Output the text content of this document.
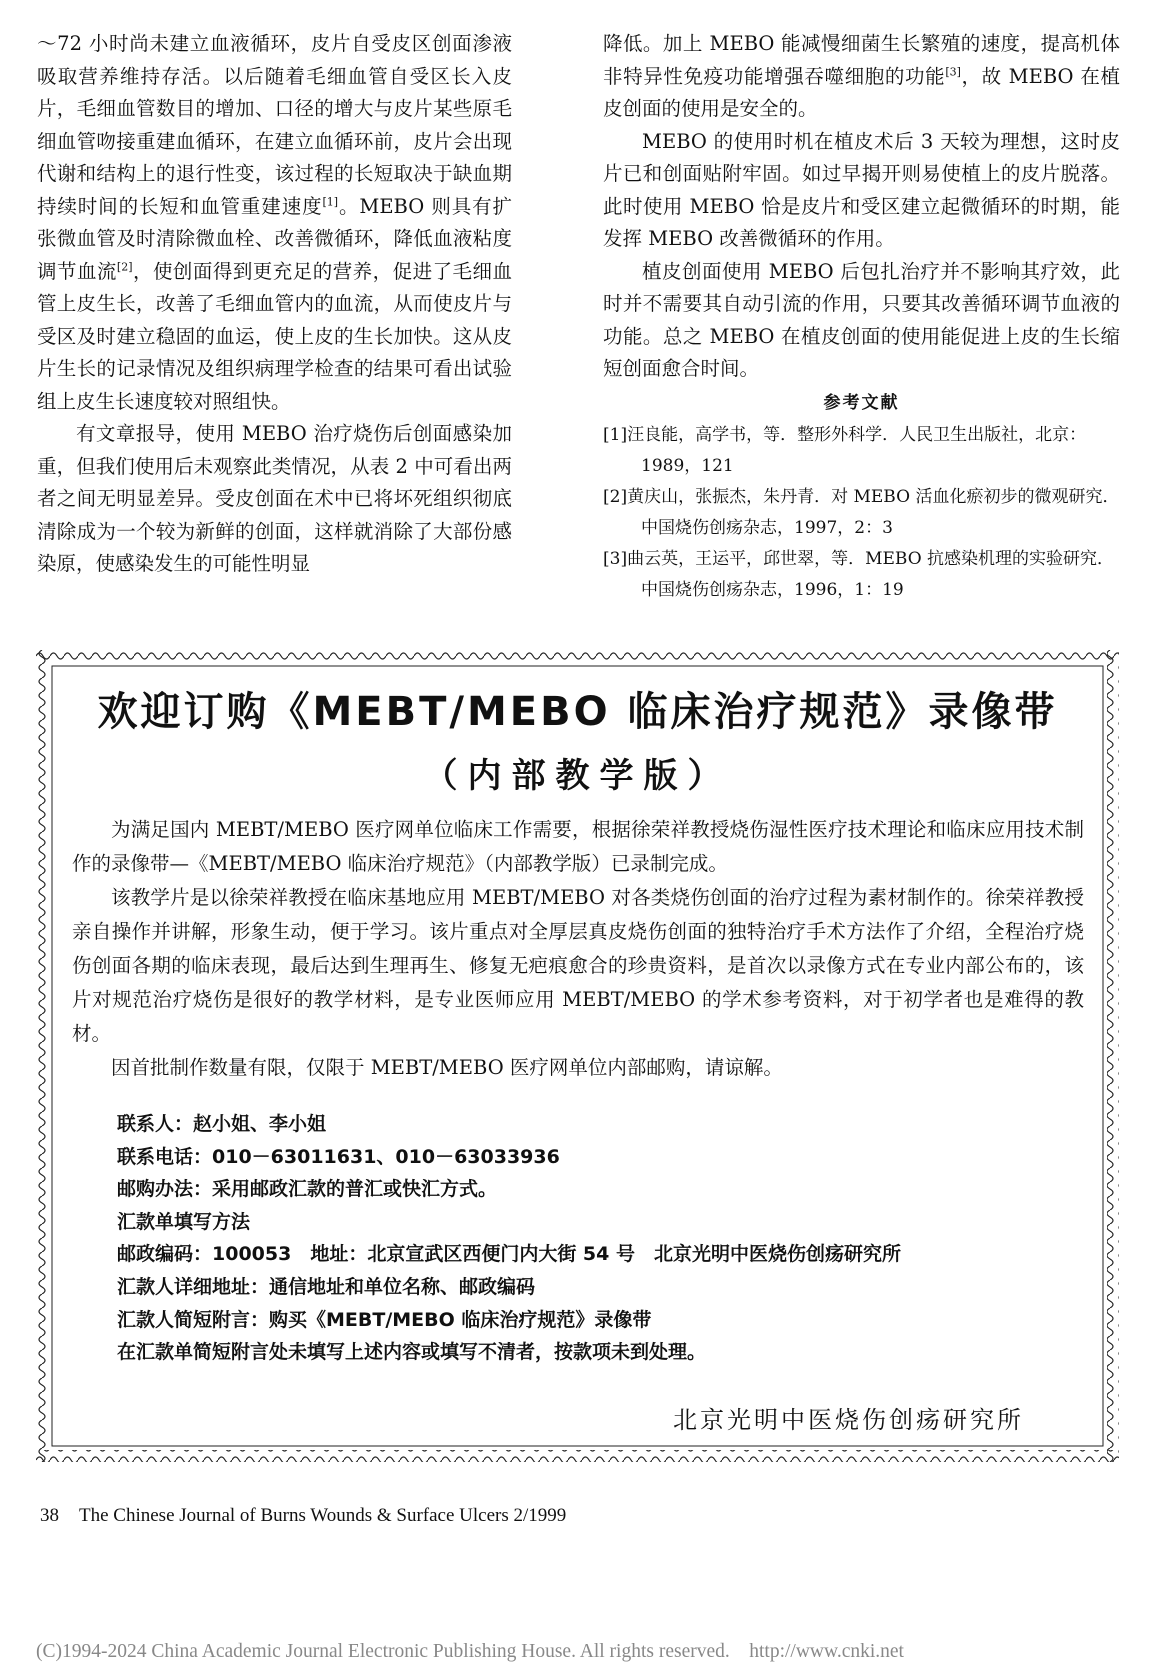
～72 小时尚未建立血液循环，皮片自受皮区创面渗液吸取营养维持存活。以后随着毛细血管自受区长入皮片，毛细血管数目的增加、口径的增大与皮片某些原毛细血管吻接重建血循环，在建立血循环前，皮片会出现代谢和结构上的退行性变，该过程的长短取决于缺血期持续时间的长短和血管重建速度[1]。MEBO 则具有扩张微血管及时清除微血栓、改善微循环，降低血液粘度调节血流[2]，使创面得到更充足的营养，促进了毛细血管上皮生长，改善了毛细血管内的血流，从而使皮片与受区及时建立稳固的血运，使上皮的生长加快。这从皮片生长的记录情况及组织病理学检查的结果可看出试验组上皮生长速度较对照组快。

有文章报导，使用 MEBO 治疗烧伤后创面感染加重，但我们使用后未观察此类情况，从表 2 中可看出两者之间无明显差异。受皮创面在术中已将坏死组织彻底清除成为一个较为新鲜的创面，这样就消除了大部份感染原，使感染发生的可能性明显

降低。加上 MEBO 能减慢细菌生长繁殖的速度，提高机体非特异性免疫功能增强吞噬细胞的功能[3]，故 MEBO 在植皮创面的使用是安全的。

MEBO 的使用时机在植皮术后 3 天较为理想，这时皮片已和创面贴附牢固。如过早揭开则易使植上的皮片脱落。此时使用 MEBO 恰是皮片和受区建立起微循环的时期，能发挥 MEBO 改善微循环的作用。

植皮创面使用 MEBO 后包扎治疗并不影响其疗效，此时并不需要其自动引流的作用，只要其改善循环调节血液的功能。总之 MEBO 在植皮创面的使用能促进上皮的生长缩短创面愈合时间。

参考文献
[1]汪良能，高学书，等．整形外科学．人民卫生出版社，北京：1989，121
[2]黄庆山，张振杰，朱丹青．对 MEBO 活血化瘀初步的微观研究．中国烧伤创疡杂志，1997，2：3
[3]曲云英，王运平，邱世翠，等．MEBO 抗感染机理的实验研究．中国烧伤创疡杂志，1996，1：19
欢迎订购《MEBT/MEBO 临床治疗规范》录像带
（内部教学版）

为满足国内 MEBT/MEBO 医疗网单位临床工作需要，根据徐荣祥教授烧伤湿性医疗技术理论和临床应用技术制作的录像带—《MEBT/MEBO 临床治疗规范》（内部教学版）已录制完成。

该教学片是以徐荣祥教授在临床基地应用 MEBT/MEBO 对各类烧伤创面的治疗过程为素材制作的。徐荣祥教授亲自操作并讲解，形象生动，便于学习。该片重点对全厚层真皮烧伤创面的独特治疗手术方法作了介绍，全程治疗烧伤创面各期的临床表现，最后达到生理再生、修复无疤痕愈合的珍贵资料，是首次以录像方式在专业内部公布的，该片对规范治疗烧伤是很好的教学材料，是专业医师应用 MEBT/MEBO 的学术参考资料，对于初学者也是难得的教材。

因首批制作数量有限，仅限于 MEBT/MEBO 医疗网单位内部邮购，请谅解。

联系人：赵小姐、李小姐
联系电话：010－63011631、010－63033936
邮购办法：采用邮政汇款的普汇或快汇方式。
汇款单填写方法
邮政编码：100053　地址：北京宣武区西便门内大街 54 号　北京光明中医烧伤创疡研究所
汇款人详细地址：通信地址和单位名称、邮政编码
汇款人简短附言：购买《MEBT/MEBO 临床治疗规范》录像带
在汇款单简短附言处未填写上述内容或填写不清者，按款项未到处理。
北京光明中医烧伤创疡研究所
38 The Chinese Journal of Burns Wounds & Surface Ulcers 2/1999
(C)1994-2024 China Academic Journal Electronic Publishing House. All rights reserved.　http://www.cnki.net
